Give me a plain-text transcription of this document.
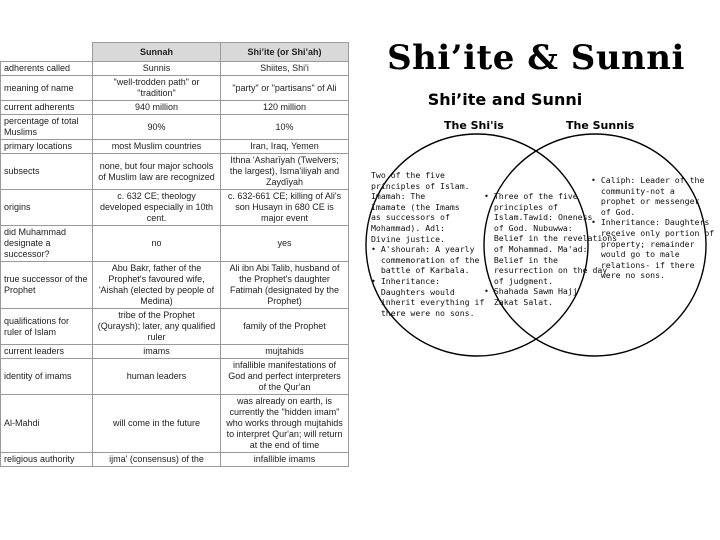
	Sunnah	Shi’ite (or Shi’ah)
adherents called	Sunnis	Shiites, Shi'i
meaning of name	"well-trodden path" or "tradition"	"party" or "partisans" of Ali
current adherents	940 million	120 million
percentage of total Muslims	90%	10%
primary locations	most Muslim countries	Iran, Iraq, Yemen
subsects	none, but four major schools of Muslim law are recognized	Ithna 'Asharīyah (Twelvers; the largest), Isma'iliyah and Zaydīyah
origins	c. 632 CE; theology developed especially in 10th cent.	c. 632-661 CE; killing of Ali's son Husayn in 680 CE is major event
did Muhammad designate a successor?	no	yes
true successor of the Prophet	Abu Bakr, father of the Prophet's favoured wife, 'Aishah (elected by people of Medina)	Ali ibn Abi Talib, husband of the Prophet's daughter Fatimah (designated by the Prophet)
qualifications for ruler of Islam	tribe of the Prophet (Quraysh); later, any qualified ruler	family of the Prophet
current leaders	imams	mujtahids
identity of imams	human leaders	infallible manifestations of God and perfect interpreters of the Qur'an
Al-Mahdi	will come in the future	was already on earth, is currently the "hidden imam" who works through mujtahids to interpret Qur'an; will return at the end of time
religious authority	ijma' (consensus) of the	infallible imams
Shi’ite & Sunni
Shi’ite and Sunni
The Shi'is	The Sunnis
Two of the five
principles of Islam.
Imamah: The
Imamate (the Imams
as successors of
Mohammad). Adl:
Divine justice.
• A'shourah: A yearly
commemoration of the
battle of Karbala.
• Inheritance:
Daughters would
inherit everything if
there were no sons.
• Three of the five
principles of
Islam.Tawid: Oneness
of God. Nubuwwa:
Belief in the revelations
of Mohammad. Ma'ad:
Belief in the
resurrection on the day
of judgment.
• Shahada Sawm Hajj
Zakat Salat.
• Caliph: Leader of the
community-not a
prophet or messenger
of God.
• Inheritance: Daughters
receive only portion of
property; remainder
would go to male
relations- if there
were no sons.
